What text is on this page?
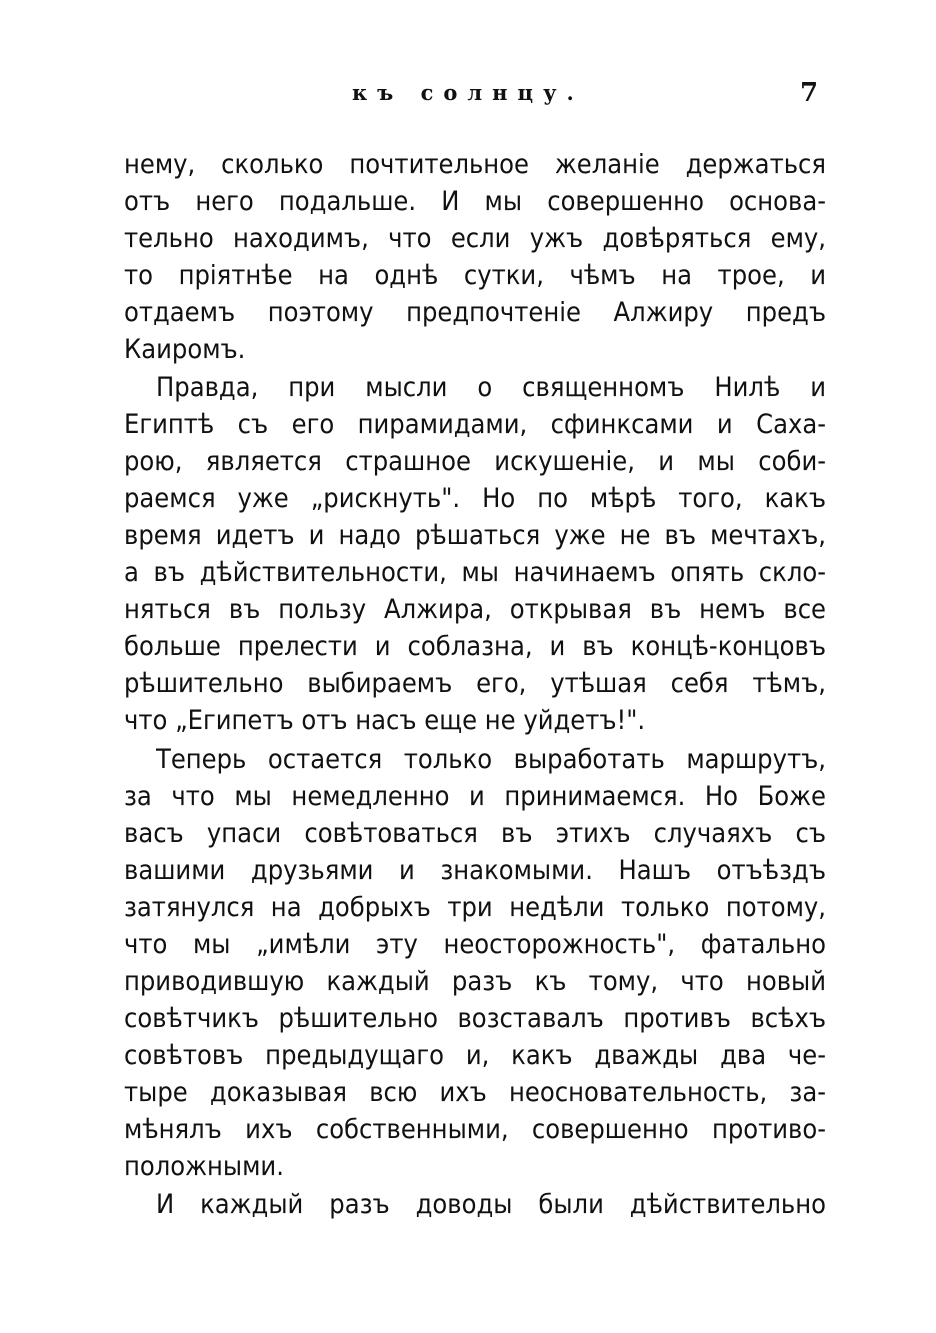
къ солнцу.	7
нему, сколько почтительное желаніе держаться
отъ него подальше. И мы совершенно основа-
тельно находимъ, что если ужъ довѣряться ему,
то пріятнѣе на однѣ сутки, чѣмъ на трое, и
отдаемъ поэтому предпочтеніе Алжиру предъ
Каиромъ.
Правда, при мысли о священномъ Нилѣ и
Египтѣ съ его пирамидами, сфинксами и Саха-
рою, является страшное искушеніе, и мы соби-
раемся уже „рискнуть". Но по мѣрѣ того, какъ
время идетъ и надо рѣшаться уже не въ мечтахъ,
а въ дѣйствительности, мы начинаемъ опять скло-
няться въ пользу Алжира, открывая въ немъ все
больше прелести и соблазна, и въ концѣ-концовъ
рѣшительно выбираемъ его, утѣшая себя тѣмъ,
что „Египетъ отъ насъ еще не уйдетъ!".
Теперь остается только выработать маршрутъ,
за что мы немедленно и принимаемся. Но Боже
васъ упаси совѣтоваться въ этихъ случаяхъ съ
вашими друзьями и знакомыми. Нашъ отъѣздъ
затянулся на добрыхъ три недѣли только потому,
что мы „имѣли эту неосторожность", фатально
приводившую каждый разъ къ тому, что новый
совѣтчикъ рѣшительно возставалъ противъ всѣхъ
совѣтовъ предыдущаго и, какъ дважды два че-
тыре доказывая всю ихъ неосновательность, за-
мѣнялъ ихъ собственными, совершенно противо-
положными.
И каждый разъ доводы были дѣйствительно
